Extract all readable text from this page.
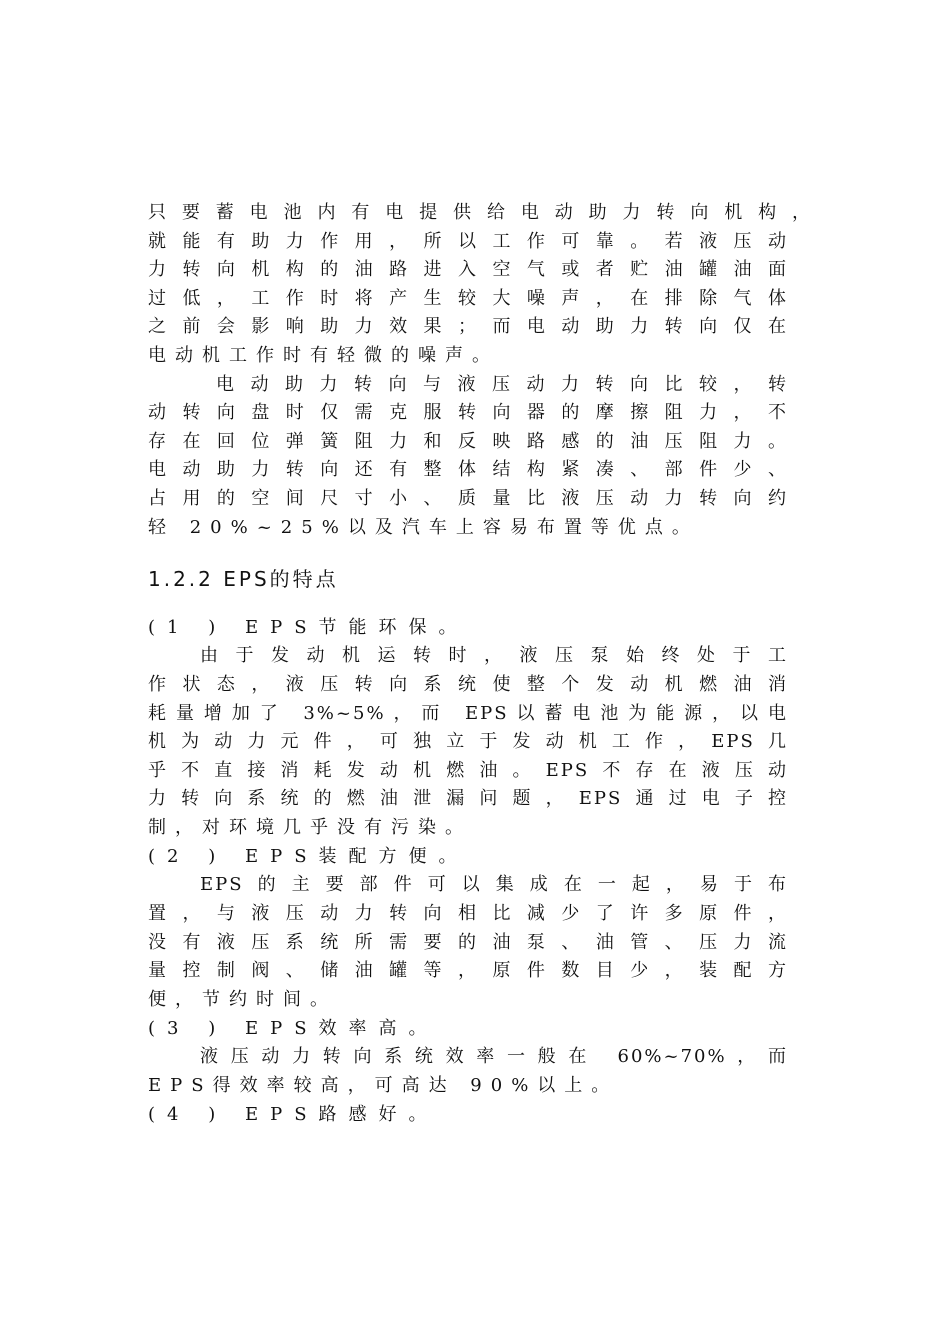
只要蓄电池内有电提供给电动助力转向机构，
就能有助力作用，所以工作可靠。若液压动
力转向机构的油路进入空气或者贮油罐油面
过低，工作时将产生较大噪声，在排除气体
之前会影响助力效果；而电动助力转向仅在
电动机工作时有轻微的噪声。
电动助力转向与液压动力转向比较，转
动转向盘时仅需克服转向器的摩擦阻力，不
存在回位弹簧阻力和反映路感的油压阻力。
电动助力转向还有整体结构紧凑、部件少、
占用的空间尺寸小、质量比液压动力转向约
轻 20%~25%以及汽车上容易布置等优点。
1.2.2 EPS的特点
(1 ) EPS节能环保。
由于发动机运转时，液压泵始终处于工
作状态，液压转向系统使整个发动机燃油消
耗量增加了 3%~5%，而 EPS以蓄电池为能源，以电
机为动力元件，可独立于发动机工作，EPS几
乎不直接消耗发动机燃油。EPS不存在液压动
力转向系统的燃油泄漏问题，EPS通过电子控
制，对环境几乎没有污染。
(2 ) EPS装配方便。
EPS的主要部件可以集成在一起，易于布
置，与液压动力转向相比减少了许多原件，
没有液压系统所需要的油泵、油管、压力流
量控制阀、储油罐等，原件数目少，装配方
便，节约时间。
(3 ) EPS效率高。
液压动力转向系统效率一般在 60%~70%，而
EPS得效率较高，可高达 90%以上。
(4 ) EPS路感好。
